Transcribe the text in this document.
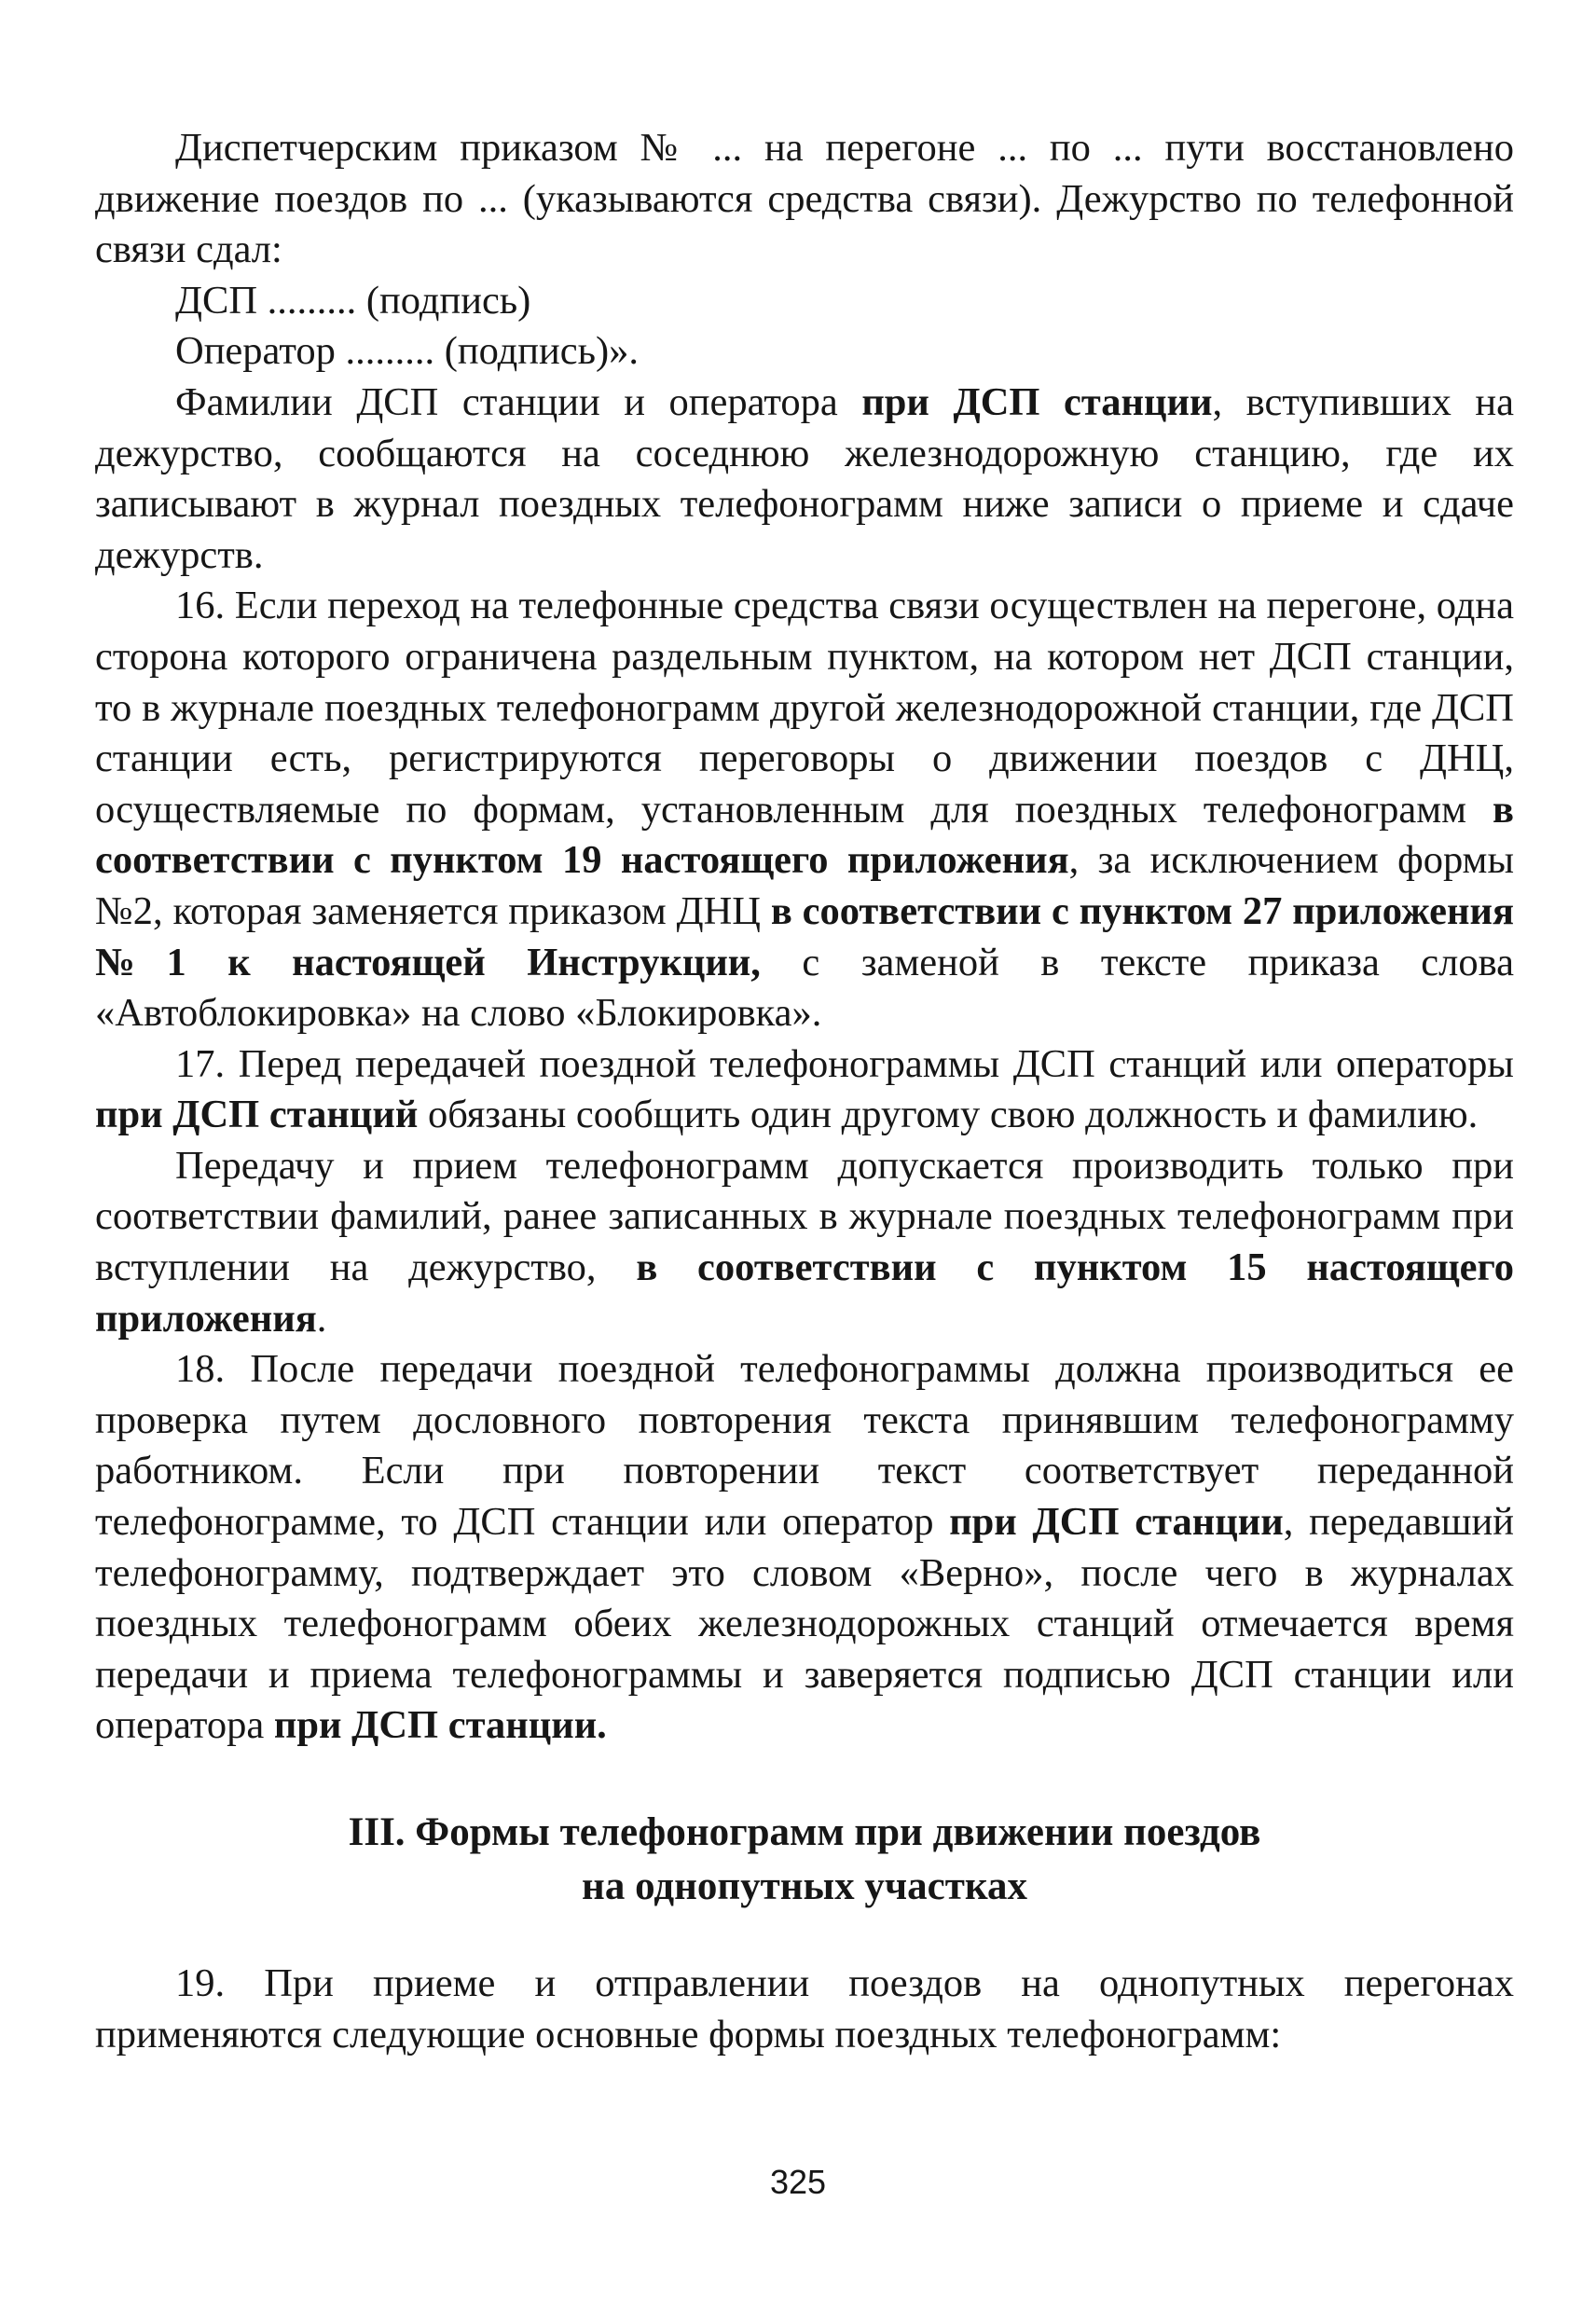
Диспетчерским приказом № ... на перегоне ... по ... пути восстановлено движение поездов по ... (указываются средства связи). Дежурство по телефонной связи сдал:

ДСП ......... (подпись)

Оператор ......... (подпись)».

Фамилии ДСП станции и оператора при ДСП станции, вступивших на дежурство, сообщаются на соседнюю железнодорожную станцию, где их записывают в журнал поездных телефонограмм ниже записи о приеме и сдаче дежурств.

16. Если переход на телефонные средства связи осуществлен на перегоне, одна сторона которого ограничена раздельным пунктом, на котором нет ДСП станции, то в журнале поездных телефонограмм другой железнодорожной станции, где ДСП станции есть, регистрируются переговоры о движении поездов с ДНЦ, осуществляемые по формам, установленным для поездных телефонограмм в соответствии с пунктом 19 настоящего приложения, за исключением формы №2, которая заменяется приказом ДНЦ в соответствии с пунктом 27 приложения №1 к настоящей Инструкции, с заменой в тексте приказа слова «Автоблокировка» на слово «Блокировка».

17. Перед передачей поездной телефонограммы ДСП станций или операторы при ДСП станций обязаны сообщить один другому свою должность и фамилию.

Передачу и прием телефонограмм допускается производить только при соответствии фамилий, ранее записанных в журнале поездных телефонограмм при вступлении на дежурство, в соответствии с пунктом 15 настоящего приложения.

18. После передачи поездной телефонограммы должна производиться ее проверка путем дословного повторения текста принявшим телефонограмму работником. Если при повторении текст соответствует переданной телефонограмме, то ДСП станции или оператор при ДСП станции, передавший телефонограмму, подтверждает это словом «Верно», после чего в журналах поездных телефонограмм обеих железнодорожных станций отмечается время передачи и приема телефонограммы и заверяется подписью ДСП станции или оператора при ДСП станции.

III. Формы телефонограмм при движении поездов
на однопутных участках

19. При приеме и отправлении поездов на однопутных перегонах применяются следующие основные формы поездных телефонограмм:

325
